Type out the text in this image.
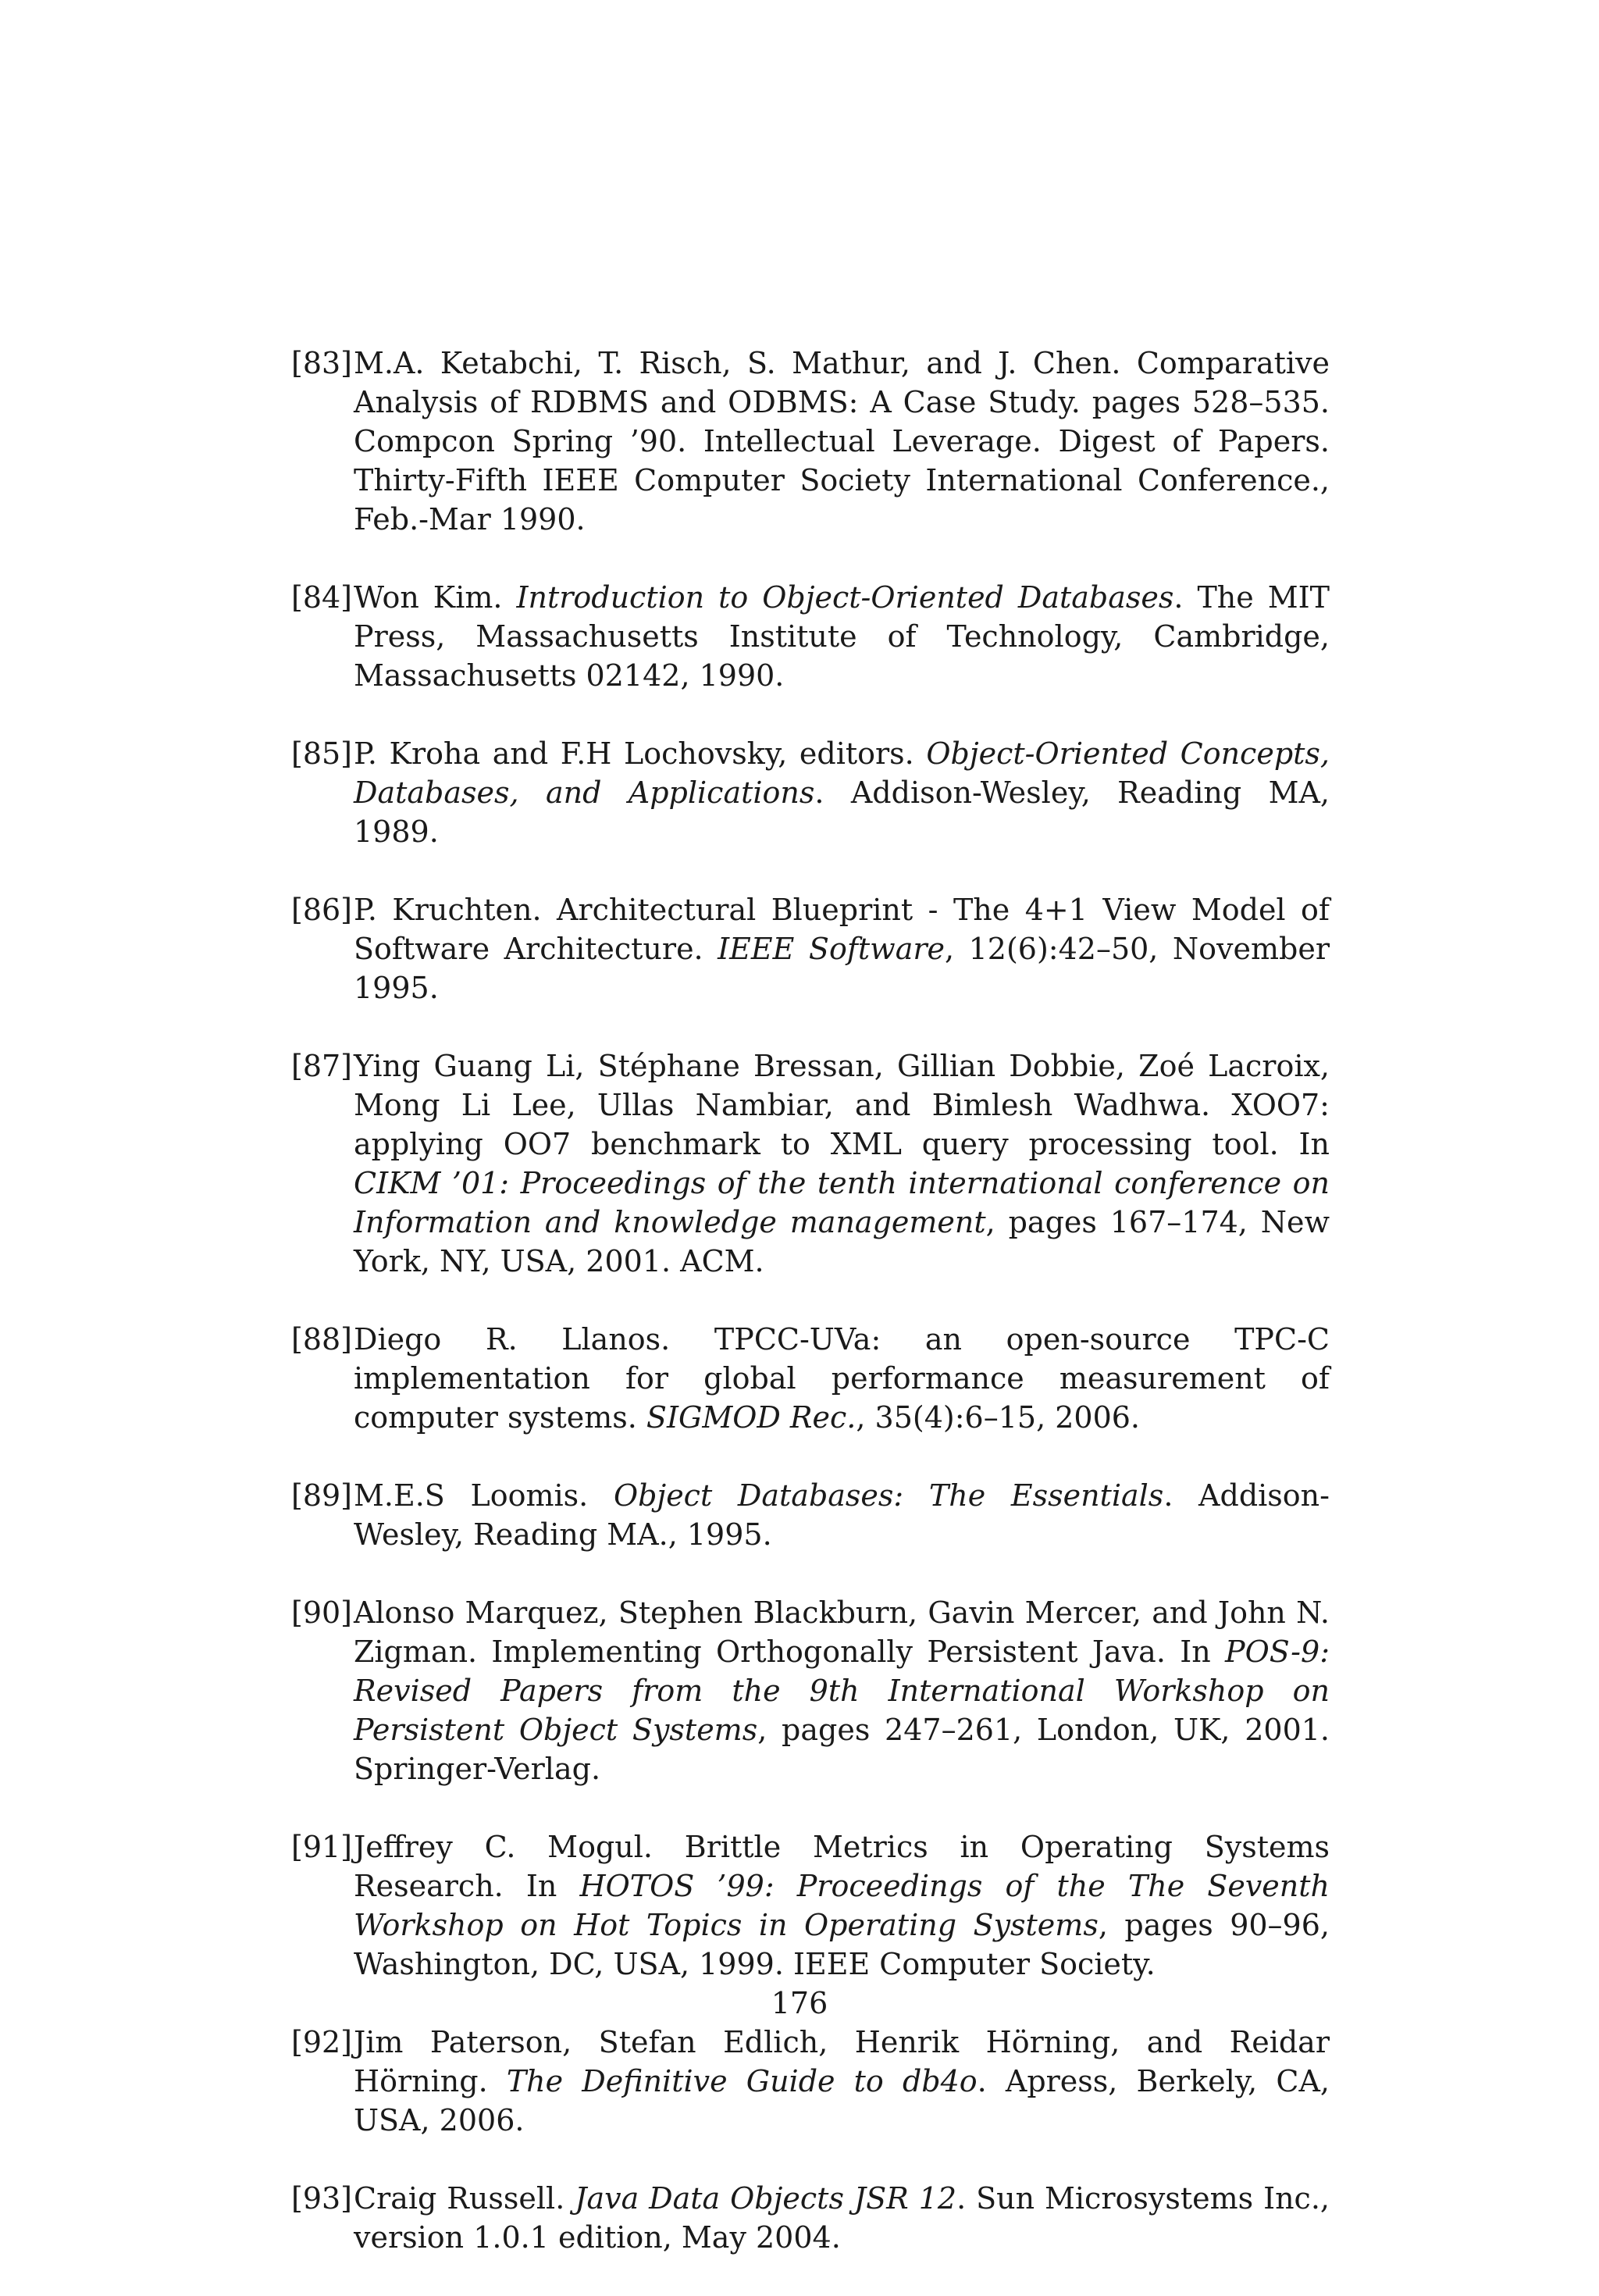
[83] M.A. Ketabchi, T. Risch, S. Mathur, and J. Chen. Comparative Analysis of RDBMS and ODBMS: A Case Study. pages 528–535. Compcon Spring ’90. Intellectual Leverage. Digest of Papers. Thirty-Fifth IEEE Computer Society International Conference., Feb.-Mar 1990.
[84] Won Kim. Introduction to Object-Oriented Databases. The MIT Press, Massachusetts Institute of Technology, Cambridge, Massachusetts 02142, 1990.
[85] P. Kroha and F.H Lochovsky, editors. Object-Oriented Concepts, Databases, and Applications. Addison-Wesley, Reading MA, 1989.
[86] P. Kruchten. Architectural Blueprint - The 4+1 View Model of Software Architecture. IEEE Software, 12(6):42–50, November 1995.
[87] Ying Guang Li, Stéphane Bressan, Gillian Dobbie, Zoé Lacroix, Mong Li Lee, Ullas Nambiar, and Bimlesh Wadhwa. XOO7: applying OO7 benchmark to XML query processing tool. In CIKM ’01: Proceedings of the tenth international conference on Information and knowledge management, pages 167–174, New York, NY, USA, 2001. ACM.
[88] Diego R. Llanos. TPCC-UVa: an open-source TPC-C implementation for global performance measurement of computer systems. SIGMOD Rec., 35(4):6–15, 2006.
[89] M.E.S Loomis. Object Databases: The Essentials. Addison-Wesley, Reading MA., 1995.
[90] Alonso Marquez, Stephen Blackburn, Gavin Mercer, and John N. Zigman. Implementing Orthogonally Persistent Java. In POS-9: Revised Papers from the 9th International Workshop on Persistent Object Systems, pages 247–261, London, UK, 2001. Springer-Verlag.
[91] Jeffrey C. Mogul. Brittle Metrics in Operating Systems Research. In HOTOS ’99: Proceedings of the The Seventh Workshop on Hot Topics in Operating Systems, pages 90–96, Washington, DC, USA, 1999. IEEE Computer Society.
[92] Jim Paterson, Stefan Edlich, Henrik Hörning, and Reidar Hörning. The Definitive Guide to db4o. Apress, Berkely, CA, USA, 2006.
[93] Craig Russell. Java Data Objects JSR 12. Sun Microsystems Inc., version 1.0.1 edition, May 2004.
176
